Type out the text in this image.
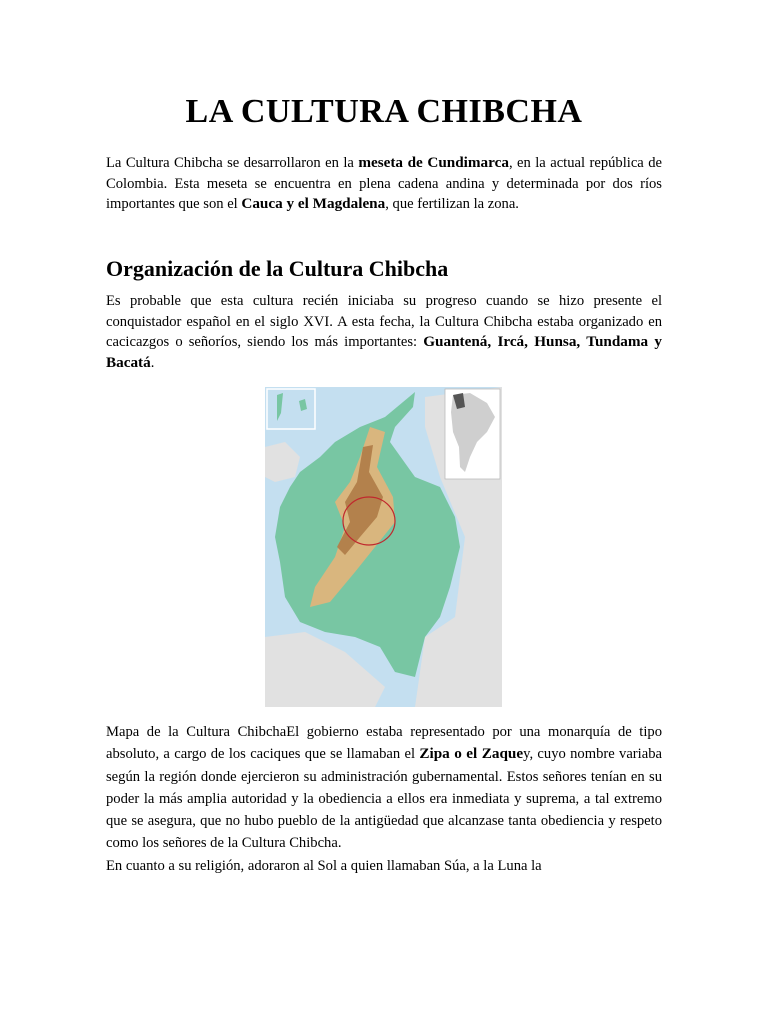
LA CULTURA CHIBCHA

La Cultura Chibcha se desarrollaron en la meseta de Cundimarca, en la actual república de Colombia. Esta meseta se encuentra en plena cadena andina y determinada por dos ríos importantes que son el Cauca y el Magdalena, que fertilizan la zona.

Organización de la Cultura Chibcha

Es probable que esta cultura recién iniciaba su progreso cuando se hizo presente el conquistador español en el siglo XVI. A esta fecha, la Cultura Chibcha estaba organizado en cacicazgos o señoríos, siendo los más importantes: Guantená, Ircá, Hunsa, Tundama y Bacatá.

Mapa de la Cultura ChibchaEl gobierno estaba representado por una monarquía de tipo absoluto, a cargo de los caciques que se llamaban el Zipa o el Zaquey, cuyo nombre variaba según la región donde ejercieron su administración gubernamental. Estos señores tenían en su poder la más amplia autoridad y la obediencia a ellos era inmediata y suprema, a tal extremo que se asegura, que no hubo pueblo de la antigüedad que alcanzase tanta obediencia y respeto como los señores de la Cultura Chibcha.
En cuanto a su religión, adoraron al Sol a quien llamaban Súa, a la Luna la
